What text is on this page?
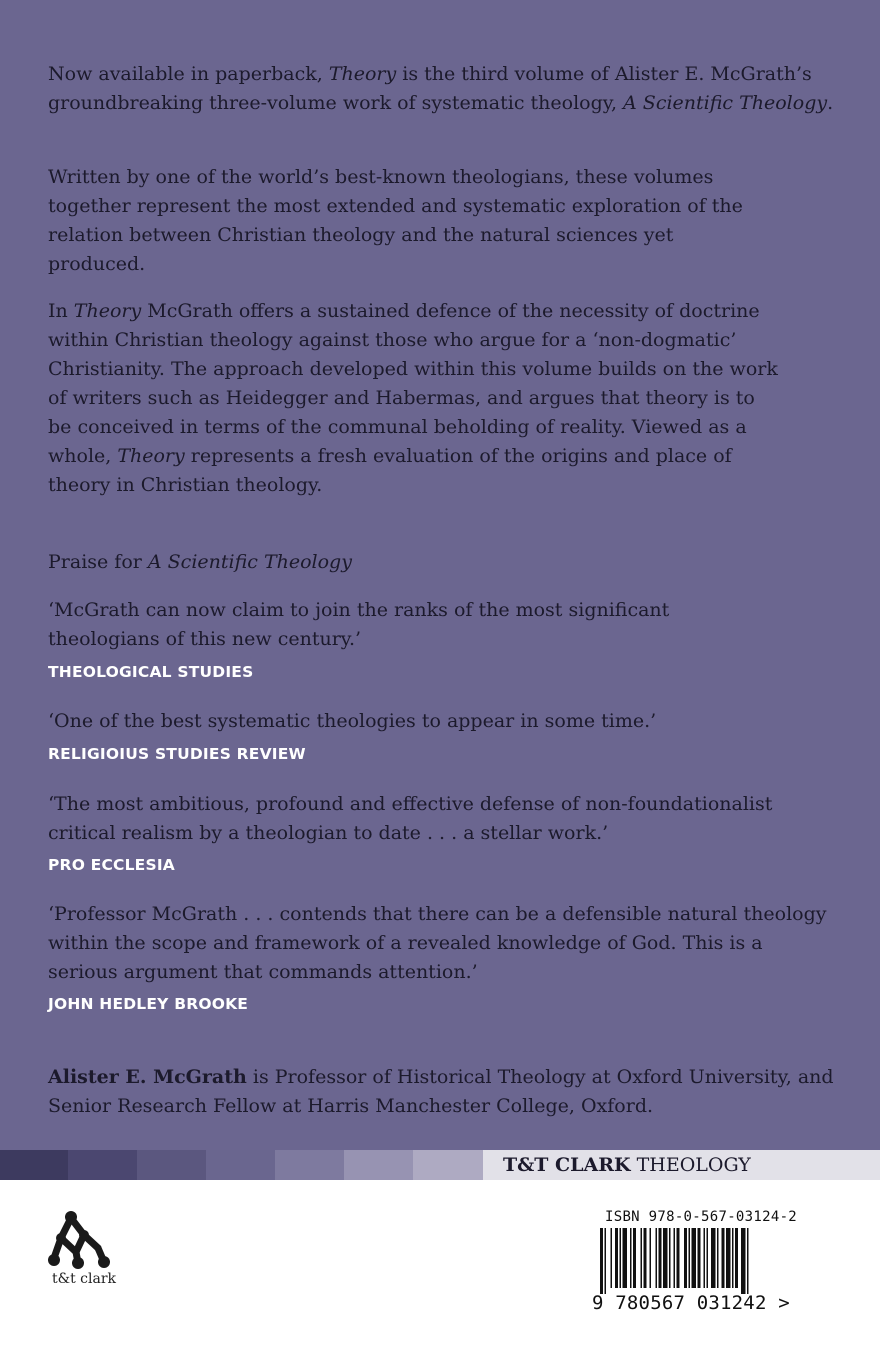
Now available in paperback, Theory is the third volume of Alister E. McGrath’s groundbreaking three-volume work of systematic theology, A Scientific Theology.

Written by one of the world’s best-known theologians, these volumes together represent the most extended and systematic exploration of the relation between Christian theology and the natural sciences yet produced.

In Theory McGrath offers a sustained defence of the necessity of doctrine within Christian theology against those who argue for a ‘non-dogmatic’ Christianity. The approach developed within this volume builds on the work of writers such as Heidegger and Habermas, and argues that theory is to be conceived in terms of the communal beholding of reality. Viewed as a whole, Theory represents a fresh evaluation of the origins and place of theory in Christian theology.

Praise for A Scientific Theology

‘McGrath can now claim to join the ranks of the most significant theologians of this new century.’

THEOLOGICAL STUDIES

‘One of the best systematic theologies to appear in some time.’

RELIGIOIUS STUDIES REVIEW

‘The most ambitious, profound and effective defense of non-foundationalist critical realism by a theologian to date . . . a stellar work.’

PRO ECCLESIA

‘Professor McGrath . . . contends that there can be a defensible natural theology within the scope and framework of a revealed knowledge of God. This is a serious argument that commands attention.’

JOHN HEDLEY BROOKE

Alister E. McGrath is Professor of Historical Theology at Oxford University, and Senior Research Fellow at Harris Manchester College, Oxford.

T&T CLARK THEOLOGY

t&t clark

ISBN 978-0-567-03124-2

9 780567 031242 >
